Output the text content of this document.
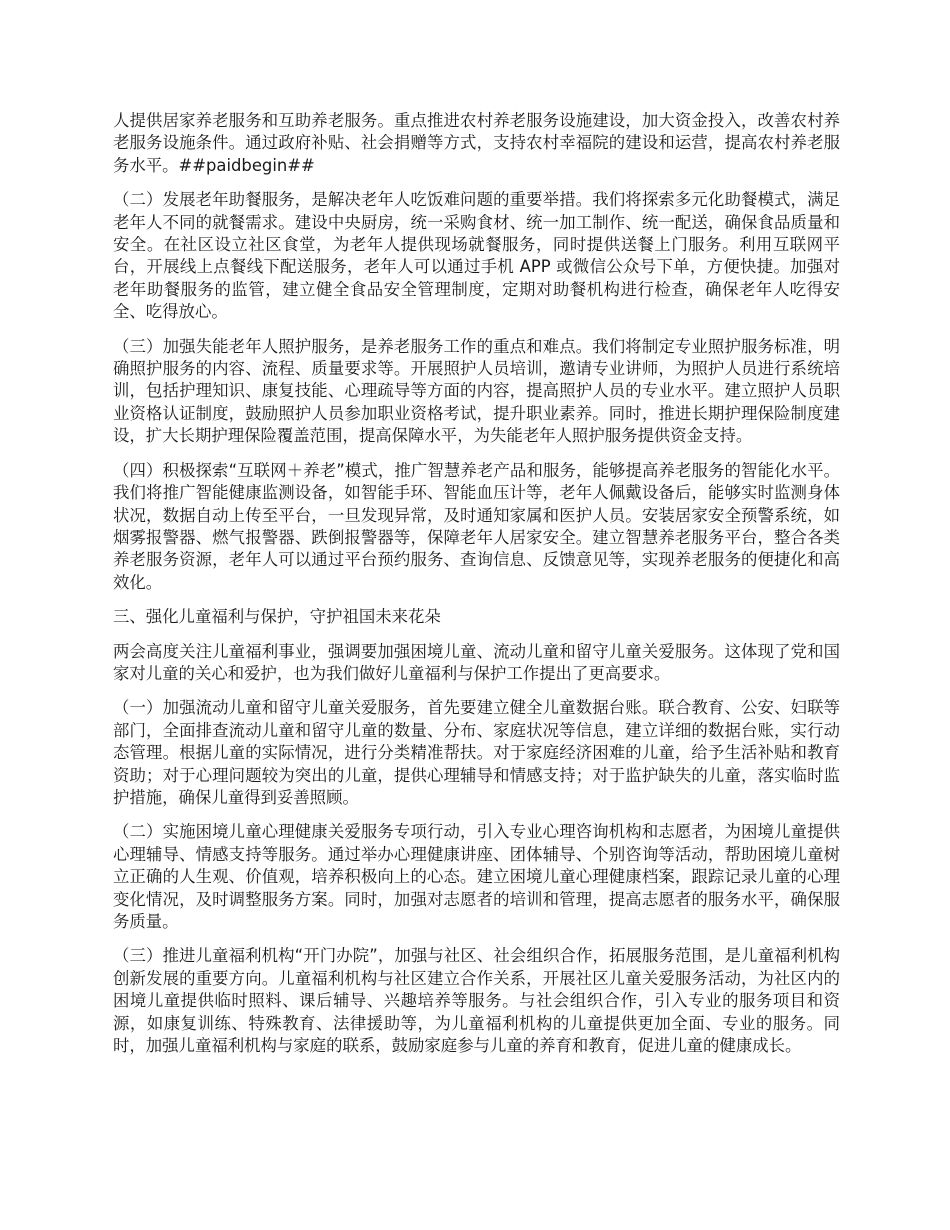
人提供居家养老服务和互助养老服务。重点推进农村养老服务设施建设，加大资金投入，改善农村养老服务设施条件。通过政府补贴、社会捐赠等方式，支持农村幸福院的建设和运营，提高农村养老服务水平。##paidbegin##

（二）发展老年助餐服务，是解决老年人吃饭难问题的重要举措。我们将探索多元化助餐模式，满足老年人不同的就餐需求。建设中央厨房，统一采购食材、统一加工制作、统一配送，确保食品质量和安全。在社区设立社区食堂，为老年人提供现场就餐服务，同时提供送餐上门服务。利用互联网平台，开展线上点餐线下配送服务，老年人可以通过手机 APP 或微信公众号下单，方便快捷。加强对老年助餐服务的监管，建立健全食品安全管理制度，定期对助餐机构进行检查，确保老年人吃得安全、吃得放心。

（三）加强失能老年人照护服务，是养老服务工作的重点和难点。我们将制定专业照护服务标准，明确照护服务的内容、流程、质量要求等。开展照护人员培训，邀请专业讲师，为照护人员进行系统培训，包括护理知识、康复技能、心理疏导等方面的内容，提高照护人员的专业水平。建立照护人员职业资格认证制度，鼓励照护人员参加职业资格考试，提升职业素养。同时，推进长期护理保险制度建设，扩大长期护理保险覆盖范围，提高保障水平，为失能老年人照护服务提供资金支持。

（四）积极探索“互联网＋养老”模式，推广智慧养老产品和服务，能够提高养老服务的智能化水平。我们将推广智能健康监测设备，如智能手环、智能血压计等，老年人佩戴设备后，能够实时监测身体状况，数据自动上传至平台，一旦发现异常，及时通知家属和医护人员。安装居家安全预警系统，如烟雾报警器、燃气报警器、跌倒报警器等，保障老年人居家安全。建立智慧养老服务平台，整合各类养老服务资源，老年人可以通过平台预约服务、查询信息、反馈意见等，实现养老服务的便捷化和高效化。

三、强化儿童福利与保护，守护祖国未来花朵

两会高度关注儿童福利事业，强调要加强困境儿童、流动儿童和留守儿童关爱服务。这体现了党和国家对儿童的关心和爱护，也为我们做好儿童福利与保护工作提出了更高要求。

（一）加强流动儿童和留守儿童关爱服务，首先要建立健全儿童数据台账。联合教育、公安、妇联等部门，全面排查流动儿童和留守儿童的数量、分布、家庭状况等信息，建立详细的数据台账，实行动态管理。根据儿童的实际情况，进行分类精准帮扶。对于家庭经济困难的儿童，给予生活补贴和教育资助；对于心理问题较为突出的儿童，提供心理辅导和情感支持；对于监护缺失的儿童，落实临时监护措施，确保儿童得到妥善照顾。

（二）实施困境儿童心理健康关爱服务专项行动，引入专业心理咨询机构和志愿者，为困境儿童提供心理辅导、情感支持等服务。通过举办心理健康讲座、团体辅导、个别咨询等活动，帮助困境儿童树立正确的人生观、价值观，培养积极向上的心态。建立困境儿童心理健康档案，跟踪记录儿童的心理变化情况，及时调整服务方案。同时，加强对志愿者的培训和管理，提高志愿者的服务水平，确保服务质量。

（三）推进儿童福利机构“开门办院”，加强与社区、社会组织合作，拓展服务范围，是儿童福利机构创新发展的重要方向。儿童福利机构与社区建立合作关系，开展社区儿童关爱服务活动，为社区内的困境儿童提供临时照料、课后辅导、兴趣培养等服务。与社会组织合作，引入专业的服务项目和资源，如康复训练、特殊教育、法律援助等，为儿童福利机构的儿童提供更加全面、专业的服务。同时，加强儿童福利机构与家庭的联系，鼓励家庭参与儿童的养育和教育，促进儿童的健康成长。
